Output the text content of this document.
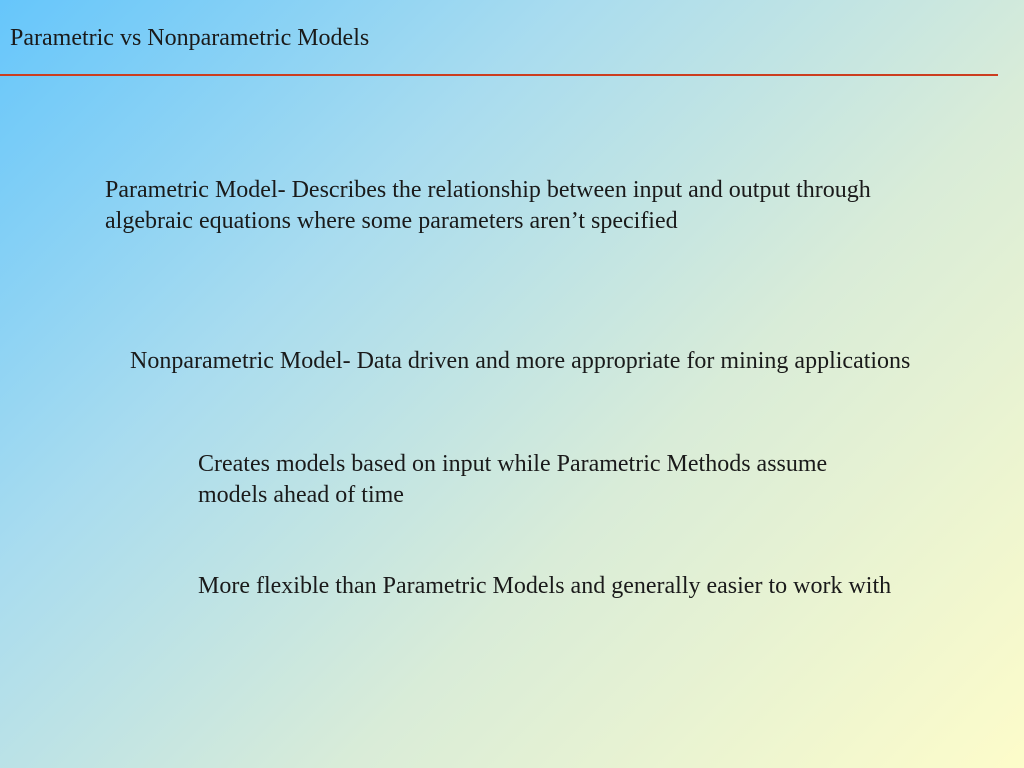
Parametric vs Nonparametric Models
Parametric Model- Describes the relationship between input and output through algebraic equations where some parameters aren’t specified
Nonparametric Model- Data driven and more appropriate for mining applications
Creates models based on input while Parametric Methods assume models ahead of time
More flexible than Parametric Models and generally easier to work with
